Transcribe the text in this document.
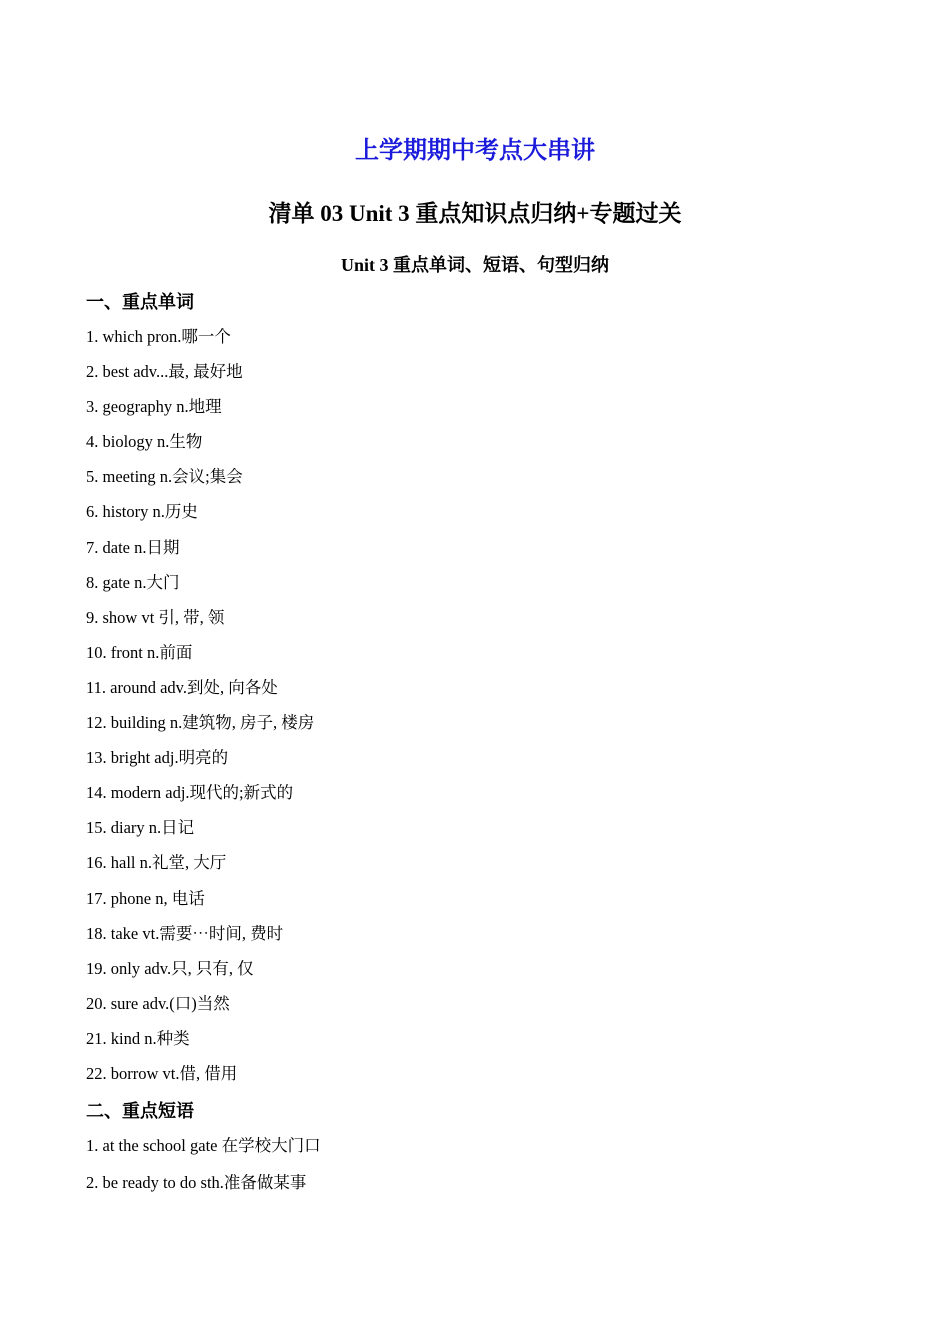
上学期期中考点大串讲
清单 03 Unit 3 重点知识点归纳+专题过关
Unit 3 重点单词、短语、句型归纳
一、重点单词
1. which pron.哪一个
2. best adv...最, 最好地
3. geography n.地理
4. biology n.生物
5. meeting n.会议;集会
6. history n.历史
7. date n.日期
8. gate n.大门
9. show vt 引, 带, 领
10. front n.前面
11. around adv.到处, 向各处
12. building n.建筑物, 房子, 楼房
13. bright adj.明亮的
14. modern adj.现代的;新式的
15. diary n.日记
16. hall n.礼堂, 大厅
17. phone n, 电话
18. take vt.需要⋯时间, 费时
19. only adv.只, 只有, 仅
20. sure adv.(口)当然
21. kind n.种类
22. borrow vt.借, 借用
二、重点短语
1. at the school gate 在学校大门口
2. be ready to do sth.准备做某事
